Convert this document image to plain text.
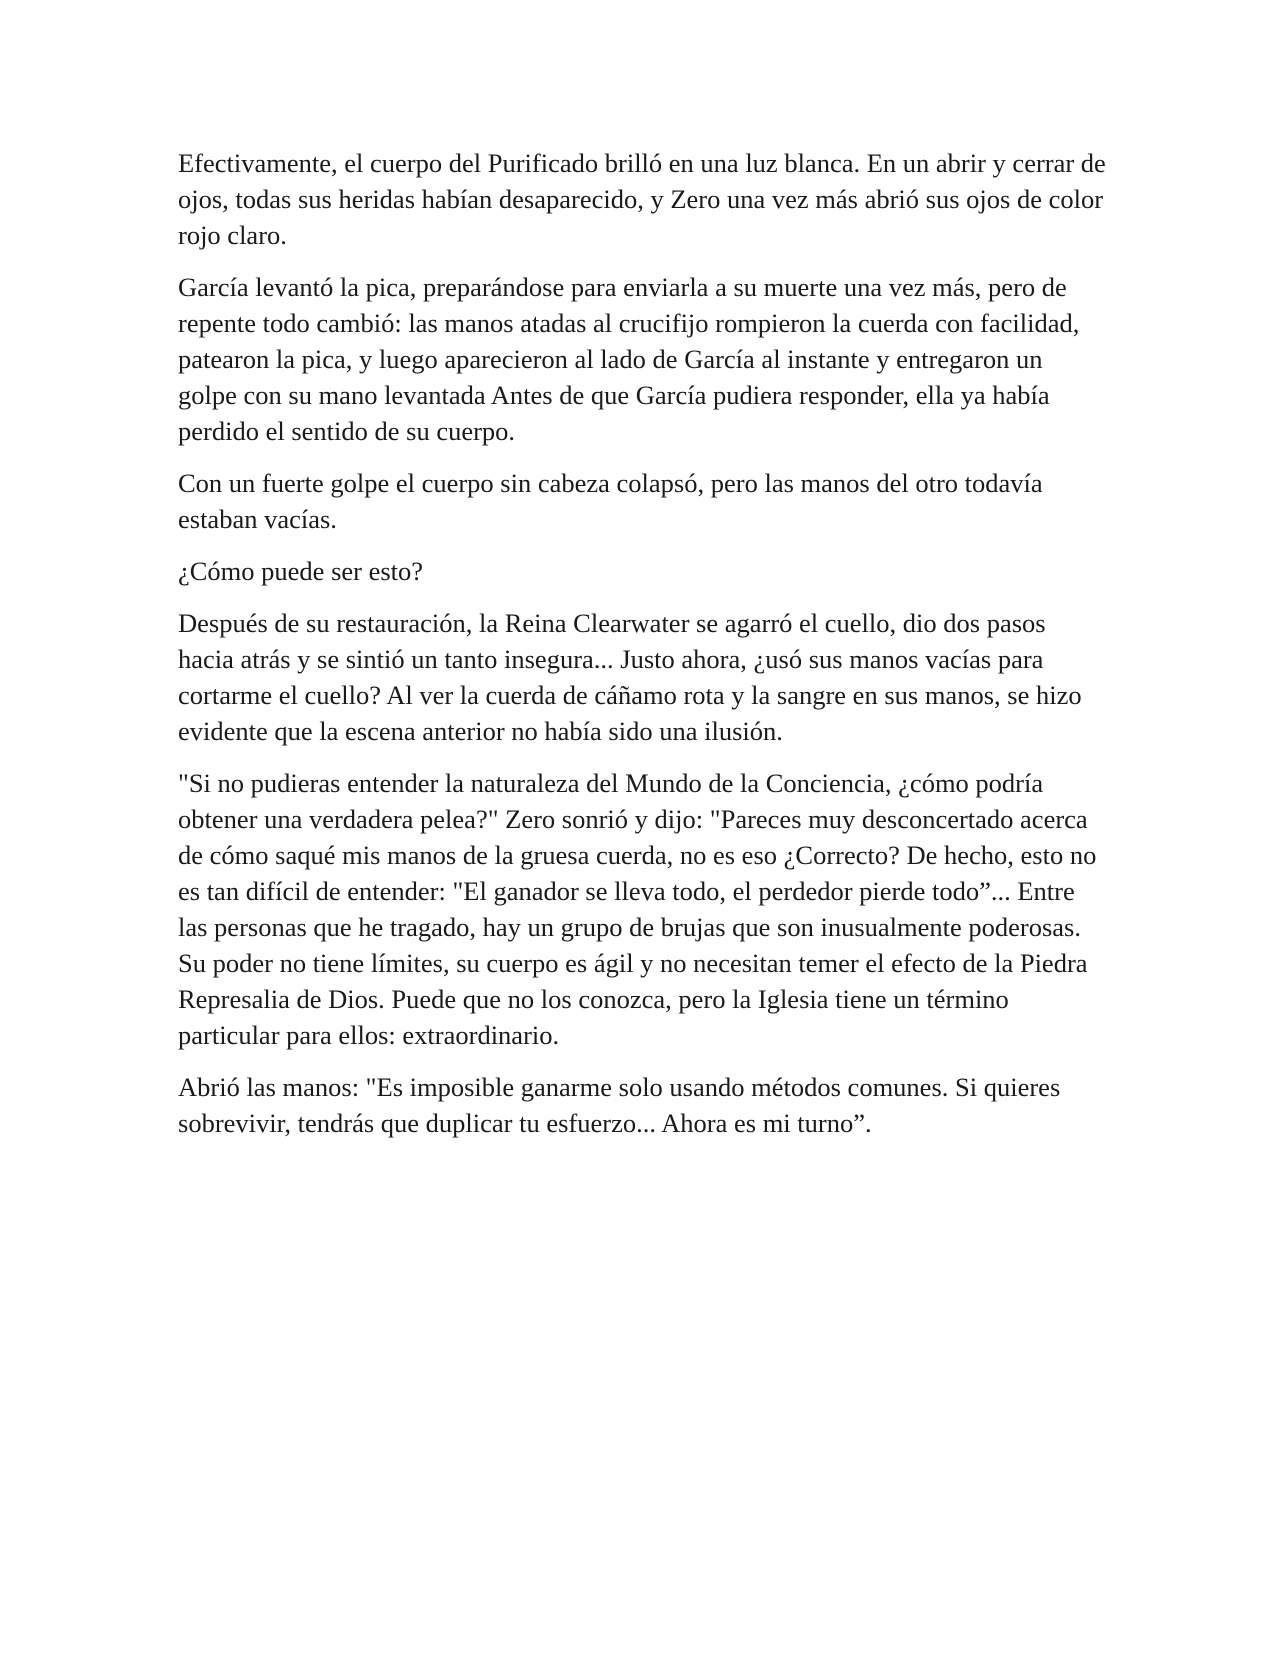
Efectivamente, el cuerpo del Purificado brilló en una luz blanca. En un abrir y cerrar de ojos, todas sus heridas habían desaparecido, y Zero una vez más abrió sus ojos de color rojo claro.

García levantó la pica, preparándose para enviarla a su muerte una vez más, pero de repente todo cambió: las manos atadas al crucifijo rompieron la cuerda con facilidad, patearon la pica, y luego aparecieron al lado de García al instante y entregaron un golpe con su mano levantada Antes de que García pudiera responder, ella ya había perdido el sentido de su cuerpo.

Con un fuerte golpe el cuerpo sin cabeza colapsó, pero las manos del otro todavía estaban vacías.

¿Cómo puede ser esto?

Después de su restauración, la Reina Clearwater se agarró el cuello, dio dos pasos hacia atrás y se sintió un tanto insegura... Justo ahora, ¿usó sus manos vacías para cortarme el cuello? Al ver la cuerda de cáñamo rota y la sangre en sus manos, se hizo evidente que la escena anterior no había sido una ilusión.

"Si no pudieras entender la naturaleza del Mundo de la Conciencia, ¿cómo podría obtener una verdadera pelea?" Zero sonrió y dijo: "Pareces muy desconcertado acerca de cómo saqué mis manos de la gruesa cuerda, no es eso ¿Correcto? De hecho, esto no es tan difícil de entender: "El ganador se lleva todo, el perdedor pierde todo”... Entre las personas que he tragado, hay un grupo de brujas que son inusualmente poderosas. Su poder no tiene límites, su cuerpo es ágil y no necesitan temer el efecto de la Piedra Represalia de Dios. Puede que no los conozca, pero la Iglesia tiene un término particular para ellos: extraordinario.

Abrió las manos: "Es imposible ganarme solo usando métodos comunes. Si quieres sobrevivir, tendrás que duplicar tu esfuerzo... Ahora es mi turno”.
